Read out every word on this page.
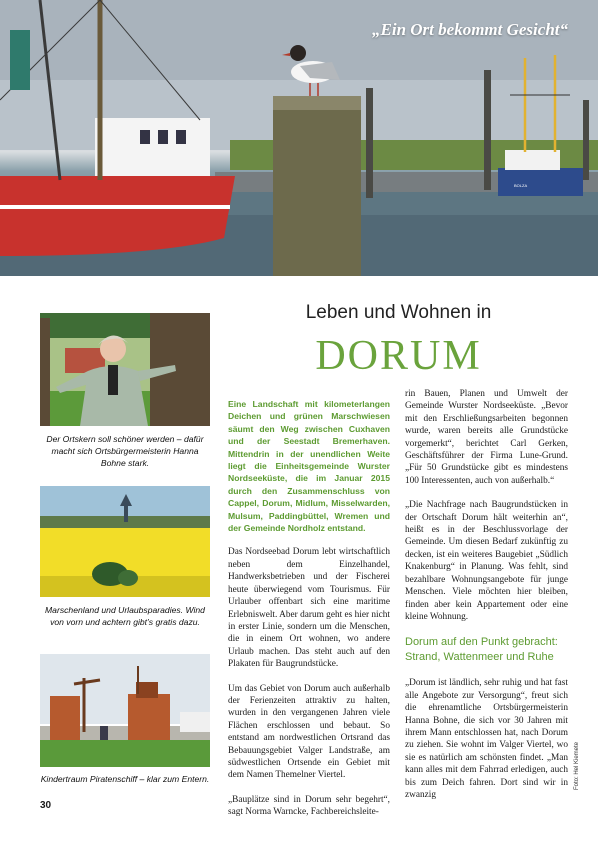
BOLZA
„Ein Ort bekommt Gesicht“
Der Ortskern soll schöner werden – dafür macht sich Ortsbürgermeisterin Hanna Bohne stark.
Marschenland und Urlaubsparadies. Wind von vorn und achtern gibt’s gratis dazu.
Kindertraum Piratenschiff – klar zum Entern.
Leben und Wohnen in
DORUM

Eine Landschaft mit kilometerlangen Deichen und grünen Marschwiesen säumt den Weg zwischen Cuxhaven und der Seestadt Bremerhaven. Mittendrin in der unendlichen Weite liegt die Einheitsgemeinde Wurster Nordseeküste, die im Januar 2015 durch den Zusammenschluss von Cappel, Dorum, Midlum, Misselwarden, Mulsum, Paddingbüttel, Wremen und der Gemeinde Nordholz entstand.

Das Nordseebad Dorum lebt wirtschaftlich neben dem Einzelhandel, Handwerksbetrieben und der Fischerei heute überwiegend vom Tourismus. Für Urlauber offenbart sich eine maritime Erlebniswelt. Aber darum geht es hier nicht in erster Linie, sondern um die Menschen, die in einem Ort wohnen, wo andere Urlaub machen. Das steht auch auf den Plakaten für Baugrundstücke.

Um das Gebiet von Dorum auch außerhalb der Ferienzeiten attraktiv zu halten, wurden in den vergangenen Jahren viele Flächen erschlossen und bebaut. So entstand am nordwestlichen Ortsrand das Bebauungsgebiet Valger Landstraße, am südwestlichen Ortsende ein Gebiet mit dem Namen Themelner Viertel.

„Bauplätze sind in Dorum sehr begehrt“, sagt Norma Warncke, Fachbereichsleite-

rin Bauen, Planen und Umwelt der Gemeinde Wurster Nordseeküste. „Bevor mit den Erschließungsarbeiten begonnen wurde, waren bereits alle Grundstücke vorgemerkt“, berichtet Carl Gerken, Geschäftsführer der Firma Lune-Grund. „Für 50 Grundstücke gibt es mindestens 100 Interessenten, auch von außerhalb.“

„Die Nachfrage nach Baugrundstücken in der Ortschaft Dorum hält weiterhin an“, heißt es in der Beschlussvorlage der Gemeinde. Um diesen Bedarf zukünftig zu decken, ist ein weiteres Baugebiet „Südlich Knakenburg“ in Planung. Was fehlt, sind bezahlbare Wohnungsangebote für junge Menschen. Viele möchten hier bleiben, finden aber kein Appartement oder eine kleine Wohnung.

Dorum auf den Punkt gebracht: Strand, Wattenmeer und Ruhe

„Dorum ist ländlich, sehr ruhig und hat fast alle Angebote zur Versorgung“, freut sich die ehrenamtliche Ortsbürgermeisterin Hanna Bohne, die sich vor 30 Jahren mit ihrem Mann entschlossen hat, nach Dorum zu ziehen. Sie wohnt im Valger Viertel, wo sie es natürlich am schönsten findet. „Man kann alles mit dem Fahrrad erledigen, auch bis zum Deich fahren. Dort sind wir in zwanzig

30
Foto: Hel Kiemete
